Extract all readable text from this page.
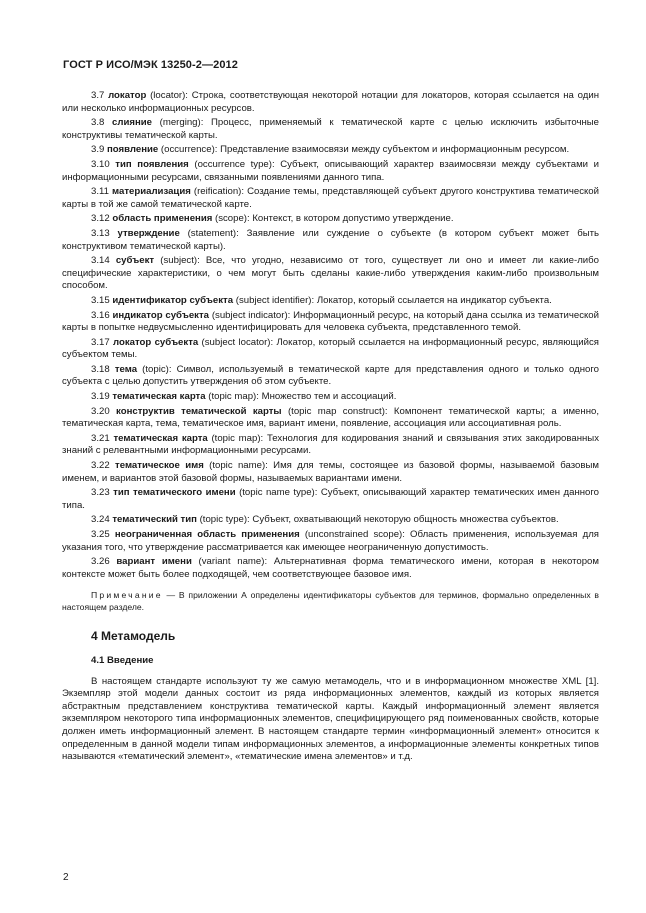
ГОСТ Р ИСО/МЭК 13250-2—2012

3.7 локатор (locator): Строка, соответствующая некоторой нотации для локаторов, которая ссылается на один или несколько информационных ресурсов.

3.8 слияние (merging): Процесс, применяемый к тематической карте с целью исключить избыточные конструктивы тематической карты.

3.9 появление (occurrence): Представление взаимосвязи между субъектом и информационным ресурсом.

3.10 тип появления (occurrence type): Субъект, описывающий характер взаимосвязи между субъектами и информационными ресурсами, связанными появлениями данного типа.

3.11 материализация (reification): Создание темы, представляющей субъект другого конструктива тематической карты в той же самой тематической карте.

3.12 область применения (scope): Контекст, в котором допустимо утверждение.

3.13 утверждение (statement): Заявление или суждение о субъекте (в котором субъект может быть конструктивом тематической карты).

3.14 субъект (subject): Все, что угодно, независимо от того, существует ли оно и имеет ли какие-либо специфические характеристики, о чем могут быть сделаны какие-либо утверждения каким-либо произвольным способом.

3.15 идентификатор субъекта (subject identifier): Локатор, который ссылается на индикатор субъекта.

3.16 индикатор субъекта (subject indicator): Информационный ресурс, на который дана ссылка из тематической карты в попытке недвусмысленно идентифицировать для человека субъекта, представленного темой.

3.17 локатор субъекта (subject locator): Локатор, который ссылается на информационный ресурс, являющийся субъектом темы.

3.18 тема (topic): Символ, используемый в тематической карте для представления одного и только одного субъекта с целью допустить утверждения об этом субъекте.

3.19 тематическая карта (topic map): Множество тем и ассоциаций.

3.20 конструктив тематической карты (topic map construct): Компонент тематической карты; а именно, тематическая карта, тема, тематическое имя, вариант имени, появление, ассоциация или ассоциативная роль.

3.21 тематическая карта (topic map): Технология для кодирования знаний и связывания этих закодированных знаний с релевантными информационными ресурсами.

3.22 тематическое имя (topic name): Имя для темы, состоящее из базовой формы, называемой базовым именем, и вариантов этой базовой формы, называемых вариантами имени.

3.23 тип тематического имени (topic name type): Субъект, описывающий характер тематических имен данного типа.

3.24 тематический тип (topic type): Субъект, охватывающий некоторую общность множества субъектов.

3.25 неограниченная область применения (unconstrained scope): Область применения, используемая для указания того, что утверждение рассматривается как имеющее неограниченную допустимость.

3.26 вариант имени (variant name): Альтернативная форма тематического имени, которая в некотором контексте может быть более подходящей, чем соответствующее базовое имя.

Примечание — В приложении А определены идентификаторы субъектов для терминов, формально определенных в настоящем разделе.

4 Метамодель
4.1 Введение

В настоящем стандарте используют ту же самую метамодель, что и в информационном множестве XML [1]. Экземпляр этой модели данных состоит из ряда информационных элементов, каждый из которых является абстрактным представлением конструктива тематической карты. Каждый информационный элемент является экземпляром некоторого типа информационных элементов, специфицирующего ряд поименованных свойств, которые должен иметь информационный элемент. В настоящем стандарте термин «информационный элемент» относится к определенным в данной модели типам информационных элементов, а информационные элементы конкретных типов называются «тематический элемент», «тематические имена элементов» и т.д.

2
